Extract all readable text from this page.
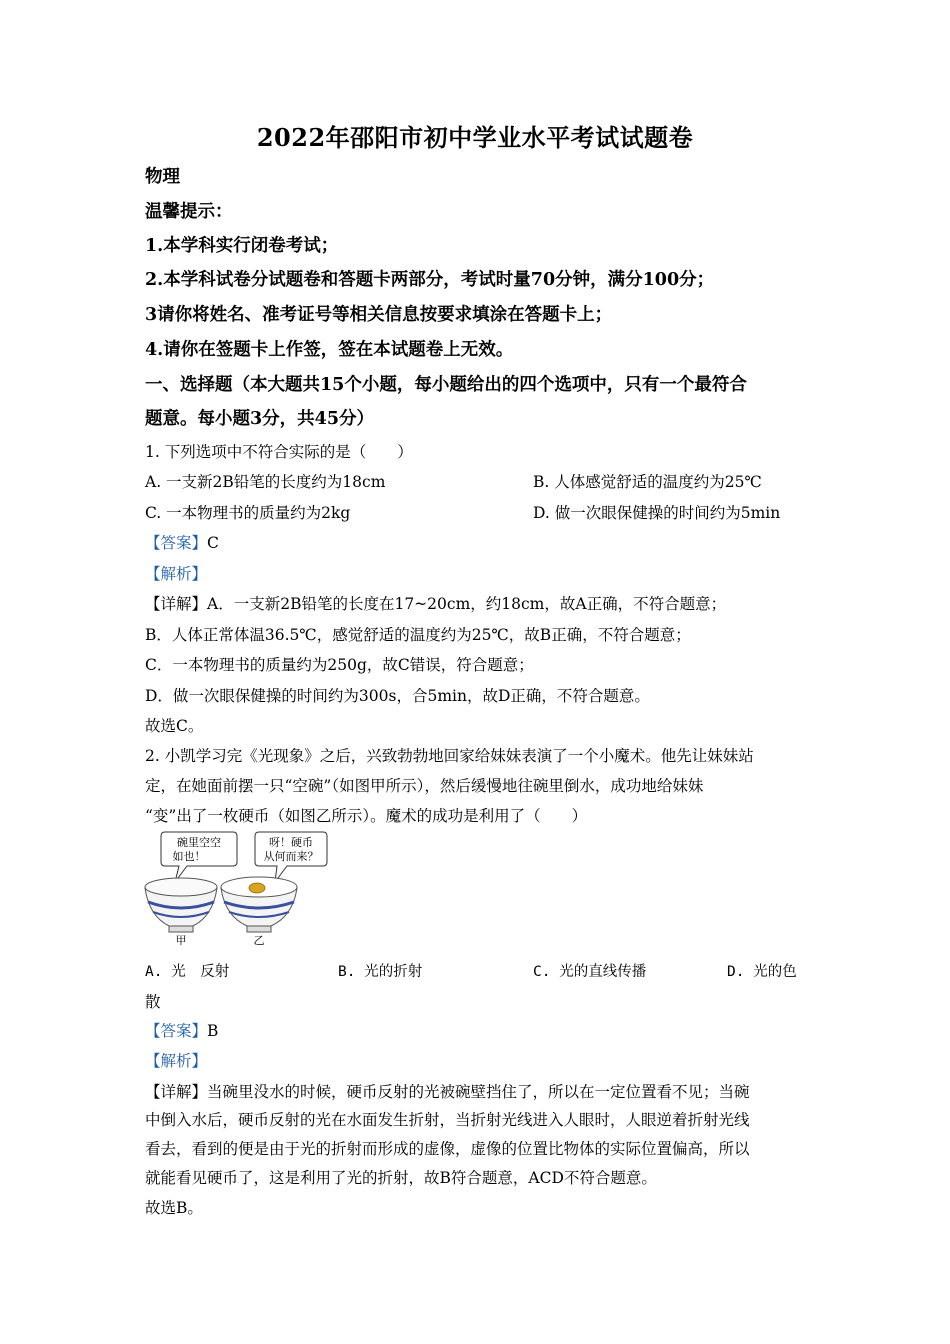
2022年邵阳市初中学业水平考试试题卷
物理
温馨提示：
1.本学科实行闭卷考试；
2.本学科试卷分试题卷和答题卡两部分，考试时量70分钟，满分100分；
3请你将姓名、准考证号等相关信息按要求填涂在答题卡上；
4.请你在签题卡上作签，签在本试题卷上无效。
一、选择题（本大题共15个小题，每小题给出的四个选项中，只有一个最符合
题意。每小题3分，共45分）
1. 下列选项中不符合实际的是（　　）
A. 一支新2B铅笔的长度约为18cm	B. 人体感觉舒适的温度约为25℃
C. 一本物理书的质量约为2kg	D. 做一次眼保健操的时间约为5min
【答案】C
【解析】
【详解】A．一支新2B铅笔的长度在17~20cm，约18cm，故A正确，不符合题意；
B．人体正常体温36.5℃，感觉舒适的温度约为25℃，故B正确，不符合题意；
C．一本物理书的质量约为250g，故C错误，符合题意；
D．做一次眼保健操的时间约为300s，合5min，故D正确，不符合题意。
故选C。
2. 小凯学习完《光现象》之后，兴致勃勃地回家给妹妹表演了一个小魔术。他先让妹妹站
定，在她面前摆一只“空碗”（如图甲所示），然后缓慢地往碗里倒水，成功地给妹妹
“变”出了一枚硬币（如图乙所示）。魔术的成功是利用了（　　）
碗里空空
如也！
呀！硬币
从何而来？
甲	乙
A. 光　反射	B. 光的折射	C. 光的直线传播	D. 光的色
散
【答案】B
【解析】
【详解】当碗里没水的时候，硬币反射的光被碗壁挡住了，所以在一定位置看不见；当碗
中倒入水后，硬币反射的光在水面发生折射，当折射光线进入人眼时，人眼逆着折射光线
看去，看到的便是由于光的折射而形成的虚像，虚像的位置比物体的实际位置偏高，所以
就能看见硬币了，这是利用了光的折射，故B符合题意，ACD不符合题意。
故选B。
